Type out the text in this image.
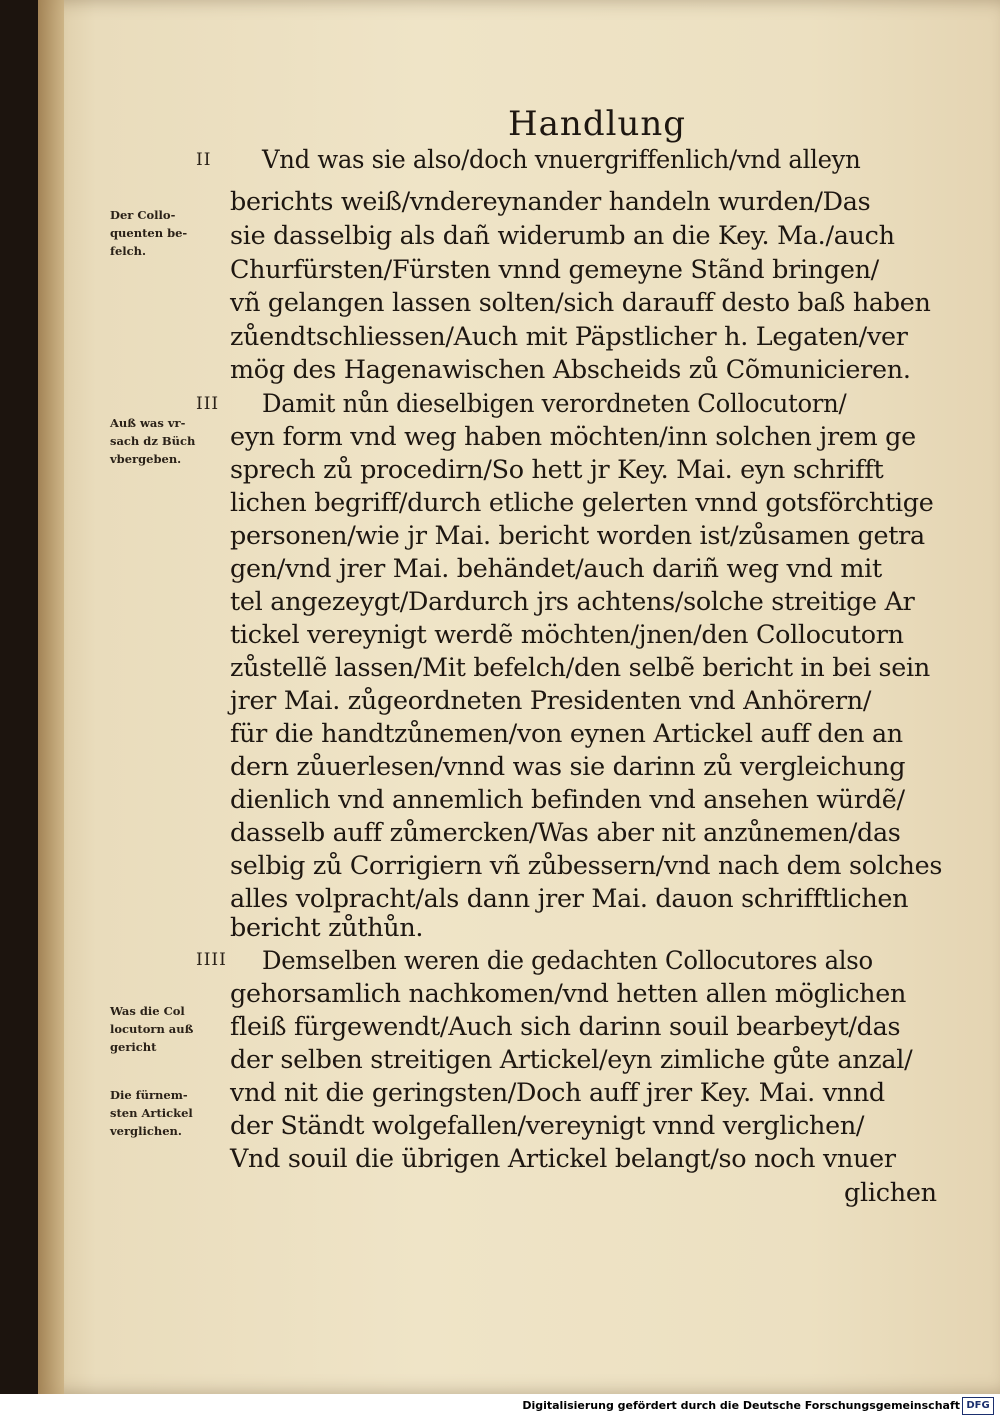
Handlung
II
III
IIII
Der Collo-
quenten be-
felch.
Auß was vr-
sach dz Büch
vbergeben.
Was die Col
locutorn auß
gericht
Die fürnem-
sten Artickel
verglichen.
Vnd was sie also/doch vnuergriffenlich/vnd alleyn
berichts weiß/vndereynander handeln wurden/Das
sie dasselbig als dañ widerumb an die Key. Ma./auch
Churfürsten/Fürsten vnnd gemeyne Stãnd bringen/
vñ gelangen lassen solten/sich darauff desto baß haben
zůendtschliessen/Auch mit Päpstlicher h. Legaten/ver
mög des Hagenawischen Abscheids zů Cõmunicieren.
Damit nůn dieselbigen verordneten Collocutorn/
eyn form vnd weg haben möchten/inn solchen jrem ge
sprech zů procedirn/So hett jr Key. Mai. eyn schrifft
lichen begriff/durch etliche gelerten vnnd gotsförchtige
personen/wie jr Mai. bericht worden ist/zůsamen getra
gen/vnd jrer Mai. behändet/auch dariñ weg vnd mit
tel angezeygt/Dardurch jrs achtens/solche streitige Ar
tickel vereynigt werdẽ möchten/jnen/den Collocutorn
zůstellẽ lassen/Mit befelch/den selbẽ bericht in bei sein
jrer Mai. zůgeordneten Presidenten vnd Anhörern/
für die handtzůnemen/von eynen Artickel auff den an
dern zůuerlesen/vnnd was sie darinn zů vergleichung
dienlich vnd annemlich befinden vnd ansehen würdẽ/
dasselb auff zůmercken/Was aber nit anzůnemen/das
selbig zů Corrigiern vñ zůbessern/vnd nach dem solches
alles volpracht/als dann jrer Mai. dauon schrifftlichen
bericht zůthůn.
Demselben weren die gedachten Collocutores also
gehorsamlich nachkomen/vnd hetten allen möglichen
fleiß fürgewendt/Auch sich darinn souil bearbeyt/das
der selben streitigen Artickel/eyn zimliche gůte anzal/
vnd nit die geringsten/Doch auff jrer Key. Mai. vnnd
der Ständt wolgefallen/vereynigt vnnd verglichen/
Vnd souil die übrigen Artickel belangt/so noch vnuer
glichen
Digitalisierung gefördert durch die Deutsche Forschungsgemeinschaft DFG
